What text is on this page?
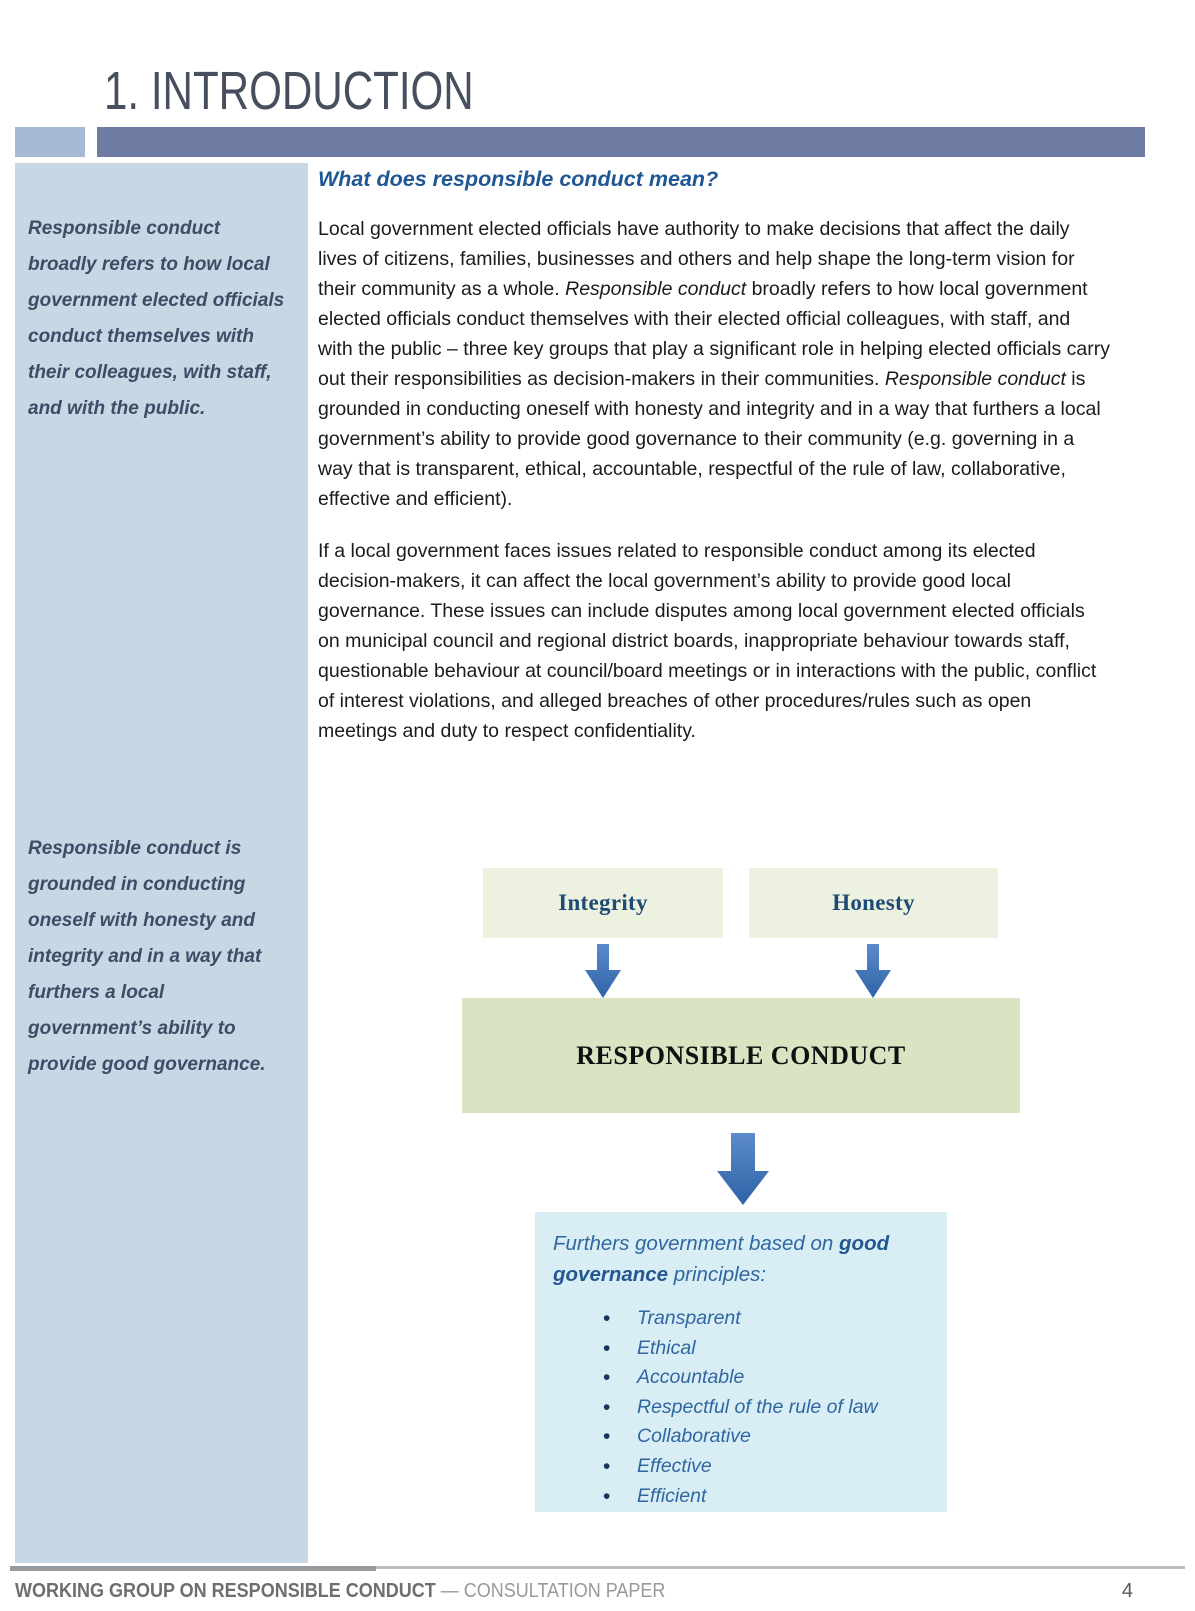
1. INTRODUCTION

Responsible conduct broadly refers to how local government elected officials conduct themselves with their colleagues, with staff, and with the public.

Responsible conduct is grounded in conducting oneself with honesty and integrity and in a way that furthers a local government’s ability to provide good governance.

What does responsible conduct mean?

Local government elected officials have authority to make decisions that affect the daily lives of citizens, families, businesses and others and help shape the long-term vision for their community as a whole. Responsible conduct broadly refers to how local government elected officials conduct themselves with their elected official colleagues, with staff, and with the public – three key groups that play a significant role in helping elected officials carry out their responsibilities as decision-makers in their communities. Responsible conduct is grounded in conducting oneself with honesty and integrity and in a way that furthers a local government’s ability to provide good governance to their community (e.g. governing in a way that is transparent, ethical, accountable, respectful of the rule of law, collaborative, effective and efficient).

If a local government faces issues related to responsible conduct among its elected decision-makers, it can affect the local government’s ability to provide good local governance. These issues can include disputes among local government elected officials on municipal council and regional district boards, inappropriate behaviour towards staff, questionable behaviour at council/board meetings or in interactions with the public, conflict of interest violations, and alleged breaches of other procedures/rules such as open meetings and duty to respect confidentiality.

Integrity	Honesty
RESPONSIBLE CONDUCT

Furthers government based on good governance principles:

• Transparent
• Ethical
• Accountable
• Respectful of the rule of law
• Collaborative
• Effective
• Efficient
WORKING GROUP ON RESPONSIBLE CONDUCT — CONSULTATION PAPER	4
